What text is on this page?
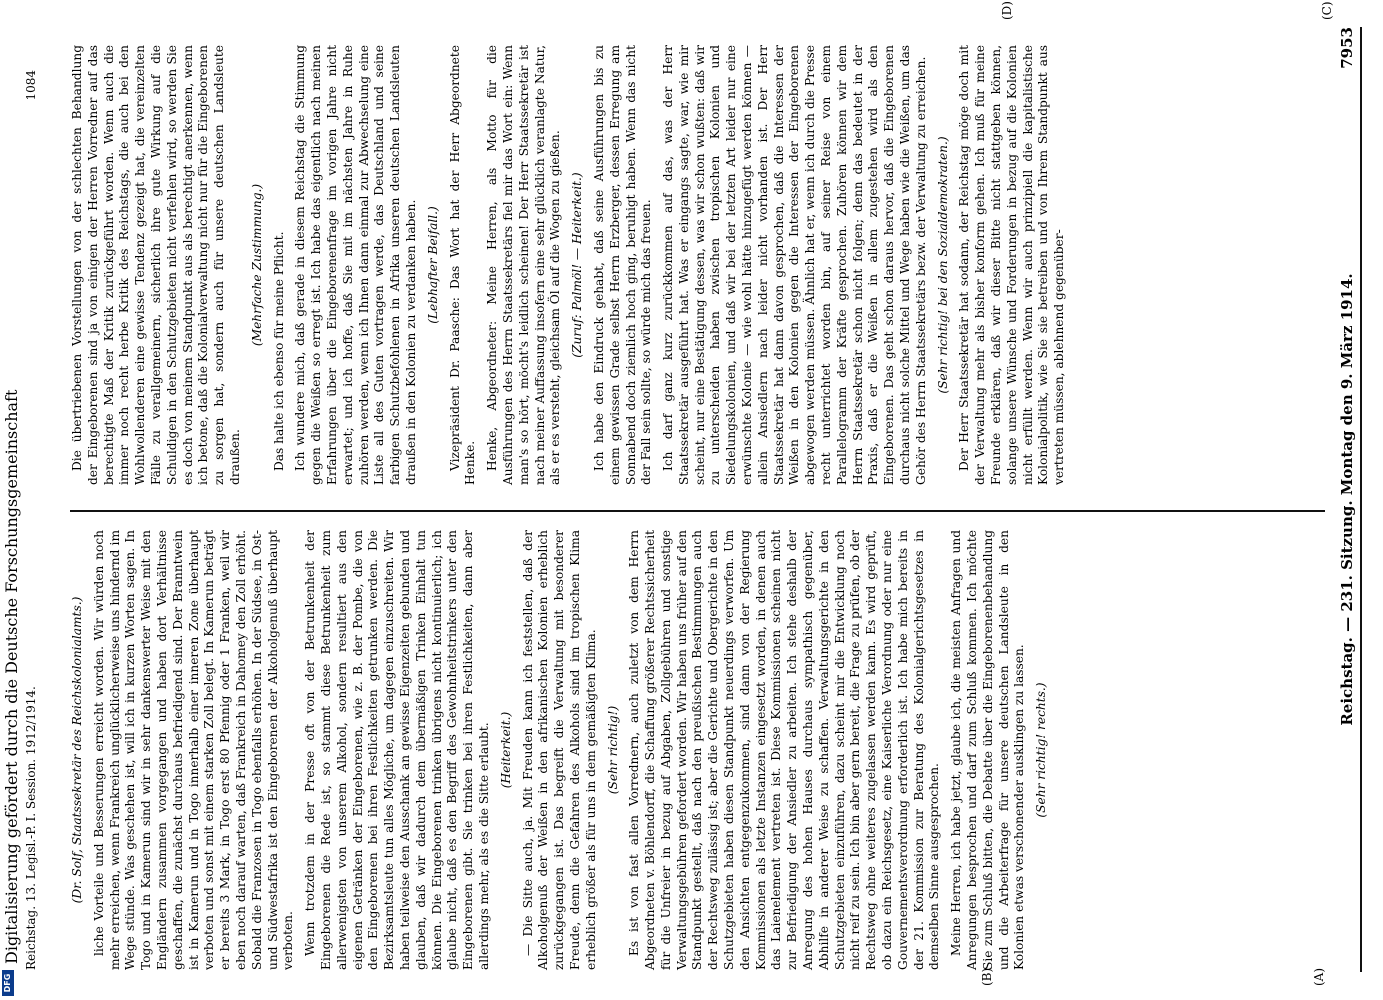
Reichstag. — 231. Sitzung. Montag den 9. März 1914.
7953
(A)
(B)
(C)
(D)

(Dr. Solf, Staatssekretär des Reichskolonialamts.) liche Vorteile und Besserungen erreicht worden. Wir würden noch mehr erreichen, wenn Frankreich unglücklicherweise uns hindernd im Wege stünde. Was geschehen ist, will ich in kurzen Worten sagen. In Togo und in Kamerun sind wir in sehr dankenswerter Weise mit den Engländern zusammen vorgegangen und haben dort Verhältnisse geschaffen, die zunächst durchaus befriedigend sind. Der Branntwein ist in Kamerun und in Togo innerhalb einer inneren Zone überhaupt verboten und sonst mit einem starken Zoll belegt. In Kamerun beträgt er bereits 3 Mark, in Togo erst 80 Pfennig oder 1 Franken, weil wir eben noch darauf warten, daß Frankreich in Dahomey den Zoll erhöht. Sobald die Franzosen in Togo ebenfalls erhöhen. In der Südsee, in Ost- und Südwestafrika ist den Eingeborenen der Alkoholgenuß überhaupt verboten. Wenn trotzdem in der Presse oft von der Betrunkenheit der Eingeborenen die Rede ist, so stammt diese Betrunkenheit zum allerwenigsten von unserem Alkohol, sondern resultiert aus den eigenen Getränken der Eingeborenen, wie z. B. der Pombe, die von den Eingeborenen bei ihren Festlichkeiten getrunken werden. Die Bezirksamtsleute tun alles Mögliche, um dagegen einzuschreiten. Wir haben teilweise den Ausschank an gewisse Eigenzeiten gebunden und glauben, daß wir dadurch dem übermäßigen Trinken Einhalt tun können. Die Eingeborenen trinken übrigens nicht kontinuierlich; ich glaube nicht, daß es den Begriff des Gewohnheitstrinkers unter den Eingeborenen gibt. Sie trinken bei ihren Festlichkeiten, dann aber allerdings mehr, als es die Sitte erlaubt. (Heiterkeit.) — Die Sitte auch, ja. Mit Freuden kann ich feststellen, daß der Alkoholgenuß der Weißen in den afrikanischen Kolonien erheblich zurückgegangen ist. Das begreift die Verwaltung mit besonderer Freude, denn die Gefahren des Alkohols sind im tropischen Klima erheblich größer als für uns in dem gemäßigten Klima. (Sehr richtig!) Es ist von fast allen Vorrednern, auch zuletzt von dem Herrn Abgeordneten v. Böhlendorff, die Schaffung größerer Rechtssicherheit für die Unfreier in bezug auf Abgaben, Zollgebühren und sonstige Verwaltungsgebühren gefordert worden. Wir haben uns früher auf den Standpunkt gestellt, daß nach den preußischen Bestimmungen auch der Rechtsweg zulässig ist; aber die Gerichte und Obergerichte in den Schutzgebieten haben diesen Standpunkt neuerdings verworfen. Um den Ansichten entgegenzukommen, sind dann von der Regierung Kommissionen als letzte Instanzen eingesetzt worden, in denen auch das Laienelement vertreten ist. Diese Kommissionen scheinen nicht zur Befriedigung der Ansiedler zu arbeiten. Ich stehe deshalb der Anregung des hohen Hauses durchaus sympathisch gegenüber, Abhilfe in anderer Weise zu schaffen. Verwaltungsgerichte in den Schutzgebieten einzuführen, dazu scheint mir die Entwicklung noch nicht reif zu sein. Ich bin aber gern bereit, die Frage zu prüfen, ob der Rechtsweg ohne weiteres zugelassen werden kann. Es wird geprüft, ob dazu ein Reichsgesetz, eine Kaiserliche Verordnung oder nur eine Gouvernementsverordnung erforderlich ist. Ich habe mich bereits in der 21. Kommission zur Beratung des Kolonialgerichtsgesetzes in demselben Sinne ausgesprochen. Meine Herren, ich habe jetzt, glaube ich, die meisten Anfragen und Anregungen besprochen und darf zum Schluß kommen. Ich möchte Sie zum Schluß bitten, die Debatte über die Eingeborenenbehandlung und die Arbeiterfrage für unsere deutschen Landsleute in den Kolonien etwas verschonender ausklingen zu lassen. (Sehr richtig! rechts.)

Die übertriebenen Vorstellungen von der schlechten Behandlung der Eingeborenen sind ja von einigen der Herren Vorredner auf das berechtigte Maß der Kritik zurückgeführt worden. Wenn auch die immer noch recht herbe Kritik des Reichstags, die auch bei den Wohlwollenderen eine gewisse Tendenz gezeigt hat, die vereinzelten Fälle zu verallgemeinern, sicherlich ihre gute Wirkung auf die Schuldigen in den Schutzgebieten nicht verfehlen wird, so werden Sie es doch von meinem Standpunkt aus als berechtigt anerkennen, wenn ich betone, daß die Kolonialverwaltung nicht nur für die Eingeborenen zu sorgen hat, sondern auch für unsere deutschen Landsleute draußen.

(Mehrfache Zustimmung.) Das halte ich ebenso für meine Pflicht. Ich wundere mich, daß gerade in diesem Reichstag die Stimmung gegen die Weißen so erregt ist. Ich habe das eigentlich nach meinen Erfahrungen über die Eingeborenenfrage im vorigen Jahre nicht erwartet; und ich hoffe, daß Sie mit im nächsten Jahre in Ruhe zuhören werden, wenn ich Ihnen dann einmal zur Abwechselung eine Liste all des Guten vortragen werde, das Deutschland und seine farbigen Schutzbefohlenen in Afrika unseren deutschen Landsleuten draußen in den Kolonien zu verdanken haben. (Lebhafter Beifall.) Vizepräsident Dr. Paasche: Das Wort hat der Herr Abgeordnete Henke. Henke, Abgeordneter: Meine Herren, als Motto für die Ausführungen des Herrn Staatssekretärs fiel mir das Wort ein: Wenn man's so hört, möcht's leidlich scheinen! Der Herr Staatssekretär ist nach meiner Auffassung insofern eine sehr glücklich veranlagte Natur, als er es versteht, gleichsam Öl auf die Wogen zu gießen. (Zuruf: Palmöl! — Heiterkeit.) Ich habe den Eindruck gehabt, daß seine Ausführungen bis zu einem gewissen Grade selbst Herrn Erzberger, dessen Erregung am Sonnabend doch ziemlich hoch ging, beruhigt haben. Wenn das nicht der Fall sein sollte, so würde mich das freuen. Ich darf ganz kurz zurückkommen auf das, was der Herr Staatssekretär ausgeführt hat. Was er eingangs sagte, war, wie mir scheint, nur eine Bestätigung dessen, was wir schon wußten: daß wir zu unterscheiden haben zwischen tropischen Kolonien und Siedelungskolonien, und daß wir bei der letzten Art leider nur eine erwünschte Kolonie — wie wohl hätte hinzugefügt werden können — allein Ansiedlern nach leider nicht vorhanden ist. Der Herr Staatssekretär hat dann davon gesprochen, daß die Interessen der Weißen in den Kolonien gegen die Interessen der Eingeborenen abgewogen werden müssen. Ähnlich hat er, wenn ich durch die Presse recht unterrichtet worden bin, auf seiner Reise von einem Parallelogramm der Kräfte gesprochen. Zuhören können wir dem Herrn Staatssekretär schon nicht folgen; denn das bedeutet in der Praxis, daß er die Weißen in allem zugestehen wird als den Eingeborenen. Das geht schon daraus hervor, daß die Eingeborenen durchaus nicht solche Mittel und Wege haben wie die Weißen, um das Gehör des Herrn Staatssekretärs bezw. der Verwaltung zu erreichen. (Sehr richtig! bei den Sozialdemokraten.) Der Herr Staatssekretär hat sodann, der Reichstag möge doch mit der Verwaltung mehr als bisher konform gehen. Ich muß für meine Freunde erklären, daß wir dieser Bitte nicht stattgeben können, solange unsere Wünsche und Forderungen in bezug auf die Kolonien nicht erfüllt werden. Wenn wir auch prinzipiell die kapitalistische Kolonialpolitik, wie Sie sie betreiben und von Ihrem Standpunkt aus vertreten müssen, ablehnend gegenüber-

Reichstag. 13. Legisl.-P. I. Session. 1912/1914.
1084
DFG
Digitalisierung gefördert durch die Deutsche Forschungsgemeinschaft
